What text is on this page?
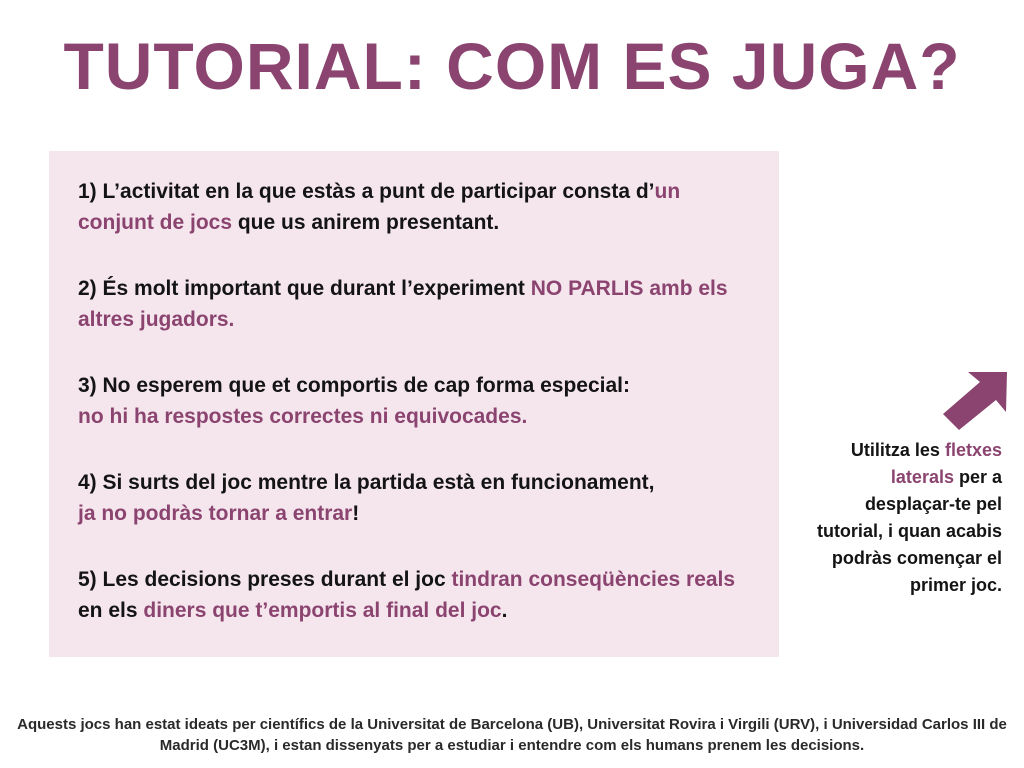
TUTORIAL: COM ES JUGA?

1) L’activitat en la que estàs a punt de participar consta d’un conjunt de jocs que us anirem presentant.

2) És molt important que durant l’experiment NO PARLIS amb els altres jugadors.

3) No esperem que et comportis de cap forma especial:
no hi ha respostes correctes ni equivocades.

4) Si surts del joc mentre la partida està en funcionament,
ja no podràs tornar a entrar!

5) Les decisions preses durant el joc tindran conseqüències reals en els diners que t’emportis al final del joc.

Utilitza les fletxes laterals per a desplaçar-te pel tutorial, i quan acabis podràs començar el primer joc.
Aquests jocs han estat ideats per científics de la Universitat de Barcelona (UB), Universitat Rovira i Virgili (URV), i Universidad Carlos III de Madrid (UC3M), i estan dissenyats per a estudiar i entendre com els humans prenem les decisions.
